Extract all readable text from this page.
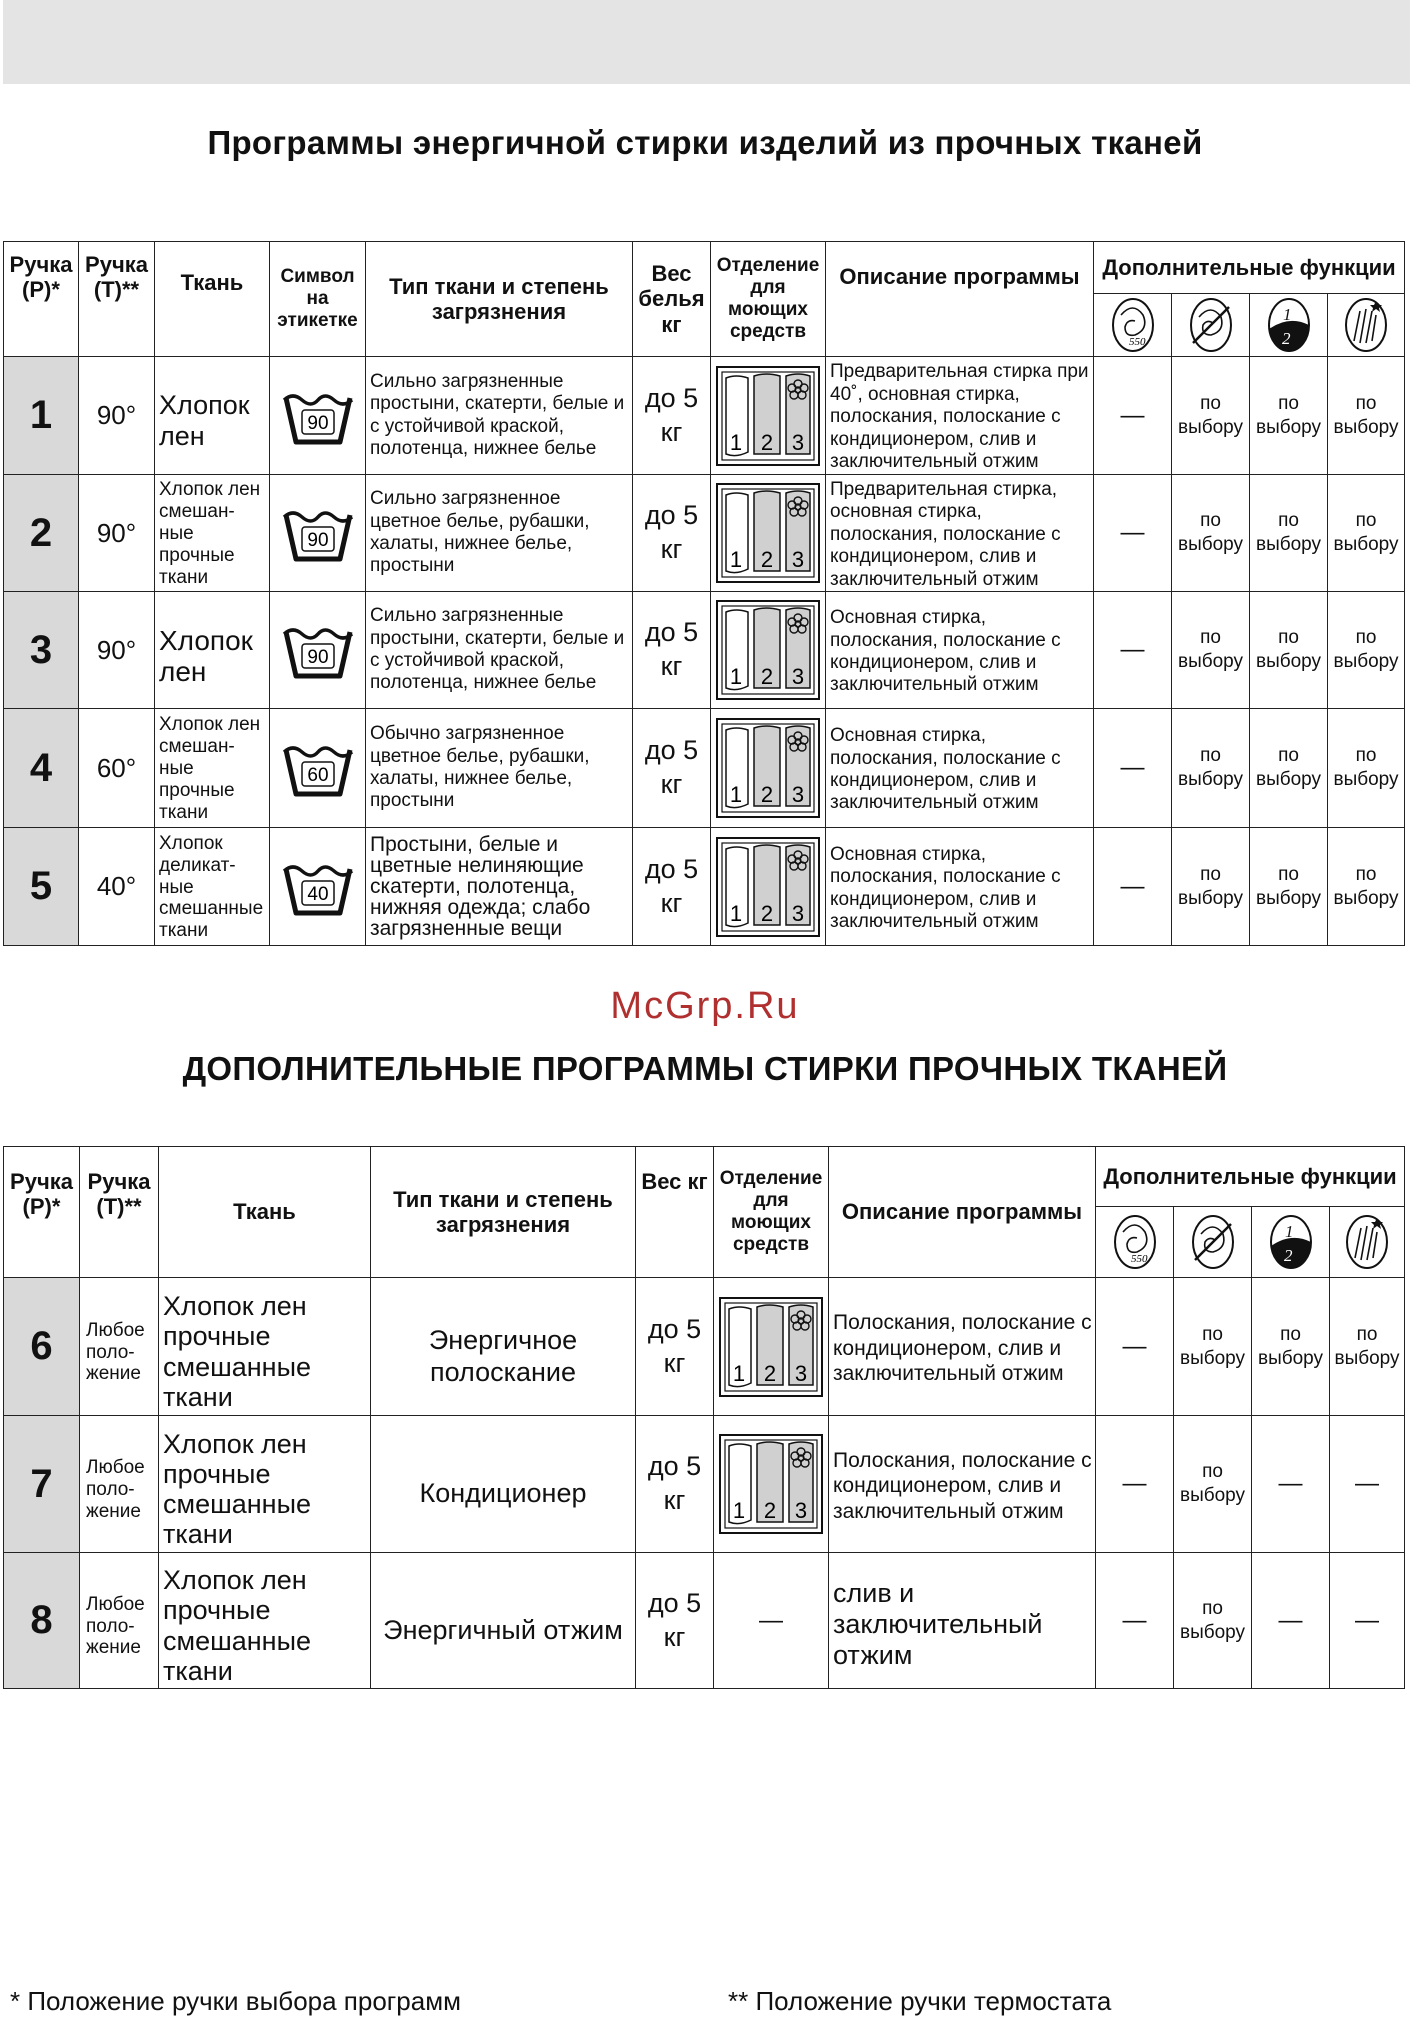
Программы энергичной стирки изделий из прочных тканей
Ручка (P)*	Ручка (T)**	Ткань	Символ на этикетке	Тип ткани и степень загрязнения	Вес белья кг	Отделение для моющих средств	Описание программы	Дополнительные функции			

550		1
2

1	90°	Хлопок лен	90	Сильно загрязненные простыни, скатерти, белые и с устойчивой краской, полотенца, нижнее белье	до 5 кг	1 2 3	Предварительная стирка при 40˚, основная стирка, полоскания, полоскание с кондиционером, слив и заключительный отжим	—	по выбору	по выбору	по выбору
2	90°	Хлопок лен смешан-ные прочные ткани	90	Сильно загрязненное цветное белье, рубашки, халаты, нижнее белье, простыни	до 5 кг	1 2 3	Предварительная стирка, основная стирка, полоскания, полоскание с кондиционером, слив и заключительный отжим	—	по выбору	по выбору	по выбору
3	90°	Хлопок лен	90	Сильно загрязненные простыни, скатерти, белые и с устойчивой краской, полотенца, нижнее белье	до 5 кг	1 2 3	Основная стирка, полоскания, полоскание с кондиционером, слив и заключительный отжим	—	по выбору	по выбору	по выбору
4	60°	Хлопок лен смешан-ные прочные ткани	60	Обычно загрязненное цветное белье, рубашки, халаты, нижнее белье, простыни	до 5 кг	1 2 3	Основная стирка, полоскания, полоскание с кондиционером, слив и заключительный отжим	—	по выбору	по выбору	по выбору
5	40°	Хлопок деликат-ные смешанные ткани	40	Простыни, белые и цветные нелиняющие скатерти, полотенца, нижняя одежда; слабо загрязненные вещи	до 5 кг	1 2 3	Основная стирка, полоскания, полоскание с кондиционером, слив и заключительный отжим	—	по выбору	по выбору	по выбору
McGrp.Ru
ДОПОЛНИТЕЛЬНЫЕ ПРОГРАММЫ СТИРКИ ПРОЧНЫХ ТКАНЕЙ
Ручка (P)*	Ручка (T)**	Ткань	Тип ткани и степень загрязнения	Вес кг	Отделение для моющих средств	Описание программы	Дополнительные функции			

550		1
2

6	Любое поло-жение	Хлопок лен прочные смешанные ткани	Энергичное полоскание	до 5 кг	1 2 3	Полоскания, полоскание с кондиционером, слив и заключительный отжим	—	по выбору	по выбору	по выбору
7	Любое поло-жение	Хлопок лен прочные смешанные ткани	Кондиционер	до 5 кг	1 2 3	Полоскания, полоскание с кондиционером, слив и заключительный отжим	—	по выбору	—	—
8	Любое поло-жение	Хлопок лен прочные смешанные ткани	Энергичный отжим	до 5 кг	—	слив и заключительный отжим	—	по выбору	—	—
* Положение ручки выбора программ	** Положение ручки термостата
